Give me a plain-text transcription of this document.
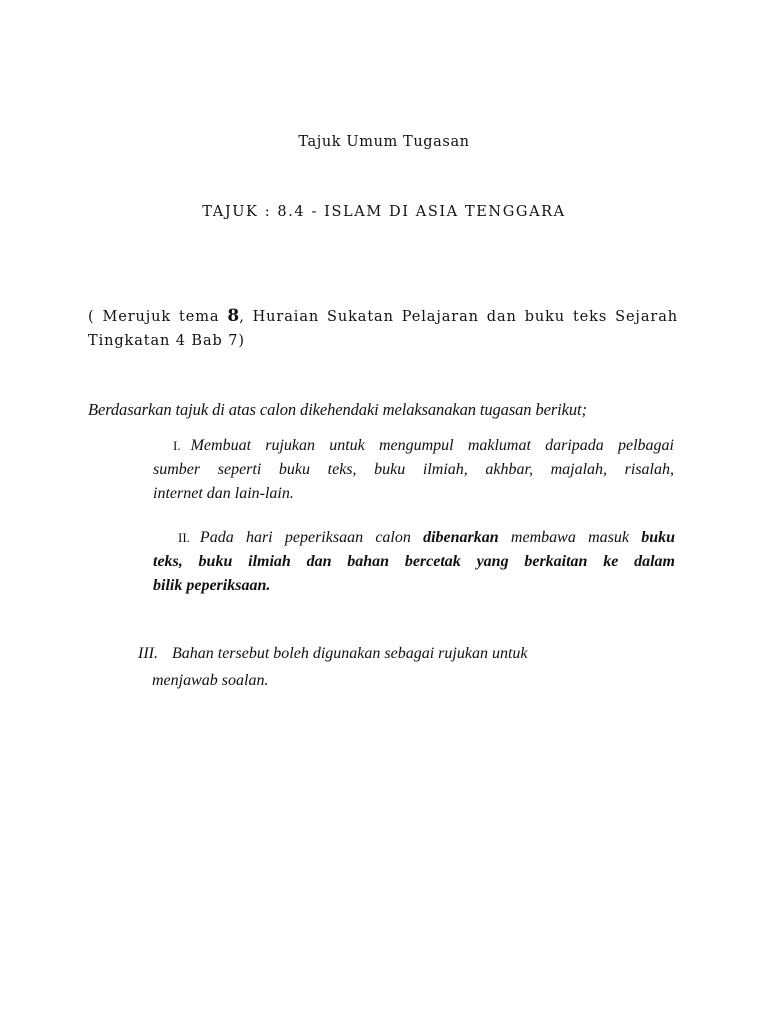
Tajuk Umum Tugasan
TAJUK : 8.4 - ISLAM DI ASIA TENGGARA
( Merujuk tema 8, Huraian Sukatan Pelajaran dan buku teks Sejarah Tingkatan 4 Bab 7)
Berdasarkan tajuk di atas calon dikehendaki melaksanakan tugasan berikut;
I. Membuat rujukan untuk mengumpul maklumat daripada pelbagai
sumber seperti buku teks, buku ilmiah, akhbar, majalah, risalah,
internet dan lain-lain.
II. Pada hari peperiksaan calon dibenarkan membawa masuk buku
teks, buku ilmiah dan bahan bercetak yang berkaitan ke dalam
bilik peperiksaan.
III. Bahan tersebut boleh digunakan sebagai rujukan untuk
menjawab soalan.
